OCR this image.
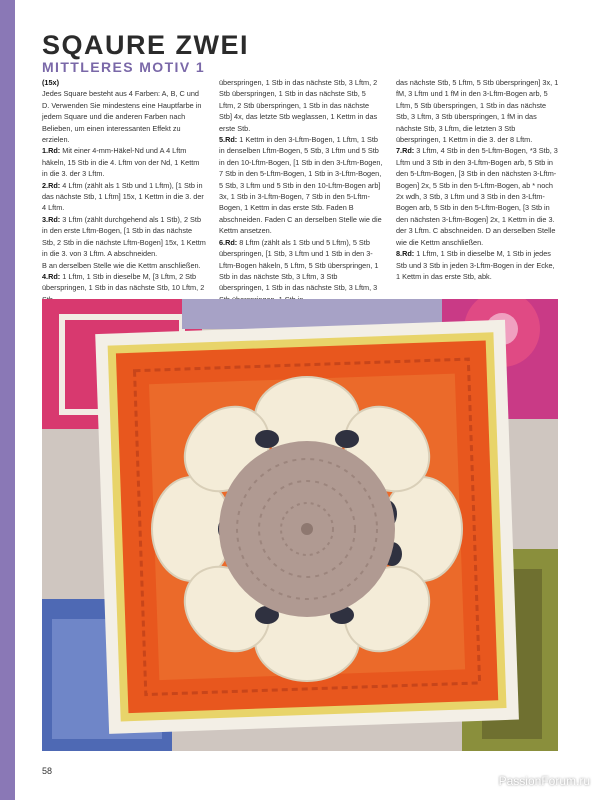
SQAURE ZWEI
MITTLERES MOTIV 1

(15x)

Jedes Square besteht aus 4 Farben: A, B, C und D. Verwenden Sie mindestens eine Hauptfarbe in jedem Square und die anderen Farben nach Belieben, um einen interessanten Effekt zu erzielen.

1.Rd: Mit einer 4-mm-Häkel-Nd und A 4 Lftm häkeln, 15 Stb in die 4. Lftm von der Nd, 1 Kettm in die 3. der 3 Lftm.

2.Rd: 4 Lftm (zählt als 1 Stb und 1 Lftm), [1 Stb in das nächste Stb, 1 Lftm] 15x, 1 Kettm in die 3. der 4 Lftm.

3.Rd: 3 Lftm (zählt durchgehend als 1 Stb), 2 Stb in den erste Lftm-Bogen, [1 Stb in das nächste Stb, 2 Stb in die nächste Lftm-Bogen] 15x, 1 Kettm in die 3. von 3 Lftm. A abschneiden.

B an derselben Stelle wie die Kettm anschließen.

4.Rd: 1 Lftm, 1 Stb in dieselbe M, [3 Lftm, 2 Stb überspringen, 1 Stb in das nächste Stb, 10 Lftm, 2

überspringen, 1 Stb in das nächste Stb, 3 Lftm, 2 Stb überspringen, 1 Stb in das nächste Stb, 5 Lftm, 2 Stb überspringen, 1 Stb in das nächste Stb] 4x, das letzte Stb weglassen, 1 Kettm in das erste Stb.

5.Rd: 1 Kettm in den 3-Lftm-Bogen, 1 Lftm, 1 Stb in denselben Lftm-Bogen, 5 Stb, 3 Lftm und 5 Stb in den 10-Lftm-Bogen, [1 Stb in den 3-Lftm-Bogen, 7 Stb in den 5-Lftm-Bogen, 1 Stb in 3-Lftm-Bogen, 5 Stb, 3 Lftm und 5 Stb in den 10-Lftm-Bogen arb] 3x, 1 Stb in 3-Lftm-Bogen, 7 Stb in den 5-Lftm-Bogen, 1 Kettm in das erste Stb. Faden B abschneiden. Faden C an derselben Stelle wie die Kettm ansetzen.

6.Rd: 8 Lftm (zählt als 1 Stb und 5 Lftm), 5 Stb überspringen, [1 Stb, 3 Lftm und 1 Stb in den 3-Lftm-Bogen häkeln, 5 Lftm, 5 Stb überspringen, 1 Stb in das nächste Stb, 3 Lftm, 3 Stb überspringen, 1 Stb in das nächste Stb, 3 Lftm, 3

das nächste Stb, 5 Lftm, 5 Stb überspringen] 3x, 1 fM, 3 Lftm und 1 fM in den 3-Lftm-Bogen arb, 5 Lftm, 5 Stb überspringen, 1 Stb in das nächste Stb, 3 Lftm, 3 Stb überspringen, 1 fM in das nächste Stb, 3 Lftm, die letzten 3 Stb überspringen, 1 Kettm in die 3. der 8 Lftm.

7.Rd: 3 Lftm, 4 Stb in den 5-Lftm-Bogen, *3 Stb, 3 Lftm und 3 Stb in den 3-Lftm-Bogen arb, 5 Stb in den 5-Lftm-Bogen, [3 Stb in den nächsten 3-Lftm-Bogen] 2x, 5 Stb in den 5-Lftm-Bogen, ab * noch 2x wdh, 3 Stb, 3 Lftm und 3 Stb in den 3-Lftm-Bogen arb, 5 Stb in den 5-Lftm-Bogen, [3 Stb in den nächsten 3-Lftm-Bogen] 2x, 1 Kettm in die 3. der 3 Lftm. C abschneiden. D an derselben Stelle wie die Kettm anschließen.

8.Rd: 1 Lftm, 1 Stb in dieselbe M, 1 Stb in jedes Stb und 3 Stb in jeden 3-Lftm-Bogen in der Ecke, 1 Kettm in das erste Stb, abk.

58
PassionForum.ru
